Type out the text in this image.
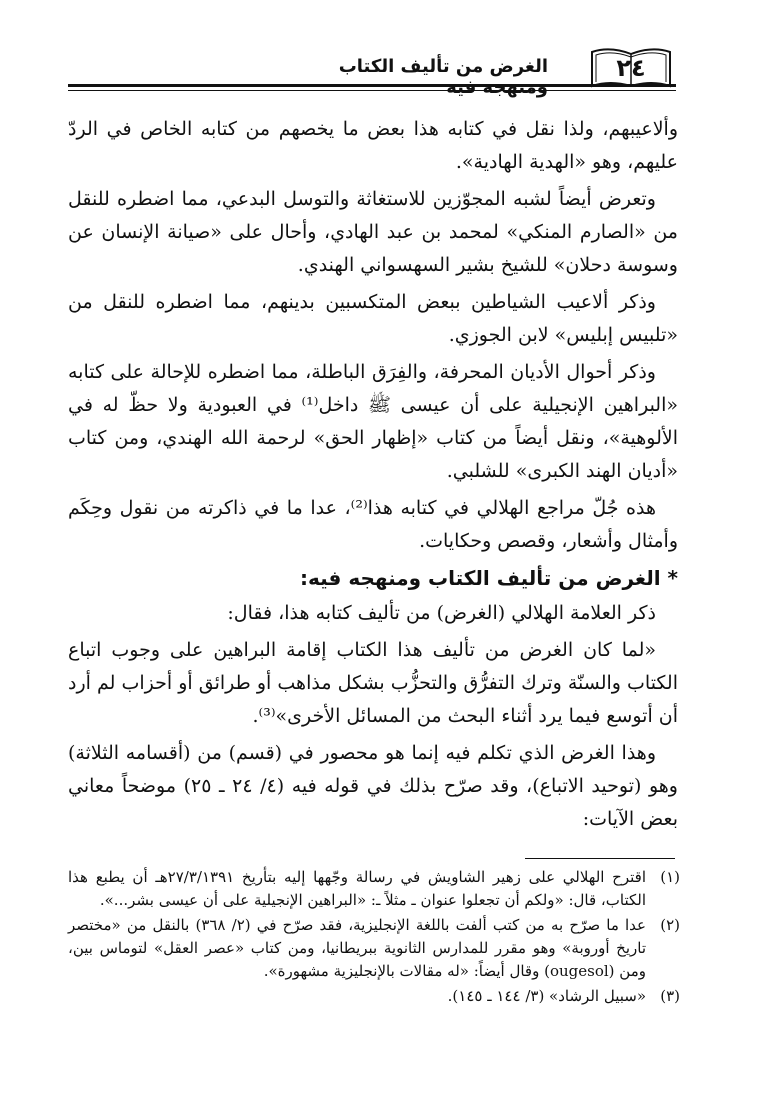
الغرض من تأليف الكتاب ومنهجه فيه
٢٤

وألاعيبهم، ولذا نقل في كتابه هذا بعض ما يخصهم من كتابه الخاص في الردّ عليهم، وهو «الهدية الهادية».

وتعرض أيضاً لشبه المجوّزين للاستغاثة والتوسل البدعي، مما اضطره للنقل من «الصارم المنكي» لمحمد بن عبد الهادي، وأحال على «صيانة الإنسان عن وسوسة دحلان» للشيخ بشير السهسواني الهندي.

وذكر ألاعيب الشياطين ببعض المتكسبين بدينهم، مما اضطره للنقل من «تلبيس إبليس» لابن الجوزي.

وذكر أحوال الأديان المحرفة، والفِرَق الباطلة، مما اضطره للإحالة على كتابه «البراهين الإنجيلية على أن عيسى ﷺ داخل⁽¹⁾ في العبودية ولا حظّ له في الألوهية»، ونقل أيضاً من كتاب «إظهار الحق» لرحمة الله الهندي، ومن كتاب «أديان الهند الكبرى» للشلبي.

هذه جُلّ مراجع الهلالي في كتابه هذا⁽²⁾، عدا ما في ذاكرته من نقول وحِكَم وأمثال وأشعار، وقصص وحكايات.

* الغرض من تأليف الكتاب ومنهجه فيه:

ذكر العلامة الهلالي (الغرض) من تأليف كتابه هذا، فقال:

«لما كان الغرض من تأليف هذا الكتاب إقامة البراهين على وجوب اتباع الكتاب والسنّة وترك التفرُّق والتحزُّب بشكل مذاهب أو طرائق أو أحزاب لم أرد أن أتوسع فيما يرد أثناء البحث من المسائل الأخرى»⁽³⁾.

وهذا الغرض الذي تكلم فيه إنما هو محصور في (قسم) من (أقسامه الثلاثة) وهو (توحيد الاتباع)، وقد صرّح بذلك في قوله فيه (٤/ ٢٤ ـ ٢٥) موضحاً معاني بعض الآيات:

(١)
اقترح الهلالي على زهير الشاويش في رسالة وجّهها إليه بتأريخ ٢٧/٣/١٣٩١هـ أن يطبع هذا الكتاب، قال: «ولكم أن تجعلوا عنوان ـ مثلاً ـ: «البراهين الإنجيلية على أن عيسى بشر...».
(٢)
عدا ما صرّح به من كتب ألفت باللغة الإنجليزية، فقد صرّح في (٢/ ٣٦٨) بالنقل من «مختصر تاريخ أوروبة» وهو مقرر للمدارس الثانوية ببريطانيا، ومن كتاب «عصر العقل» لتوماس بين، ومن (ougesol) وقال أيضاً: «له مقالات بالإنجليزية مشهورة».
(٣)
«سبيل الرشاد» (٣/ ١٤٤ ـ ١٤٥).
